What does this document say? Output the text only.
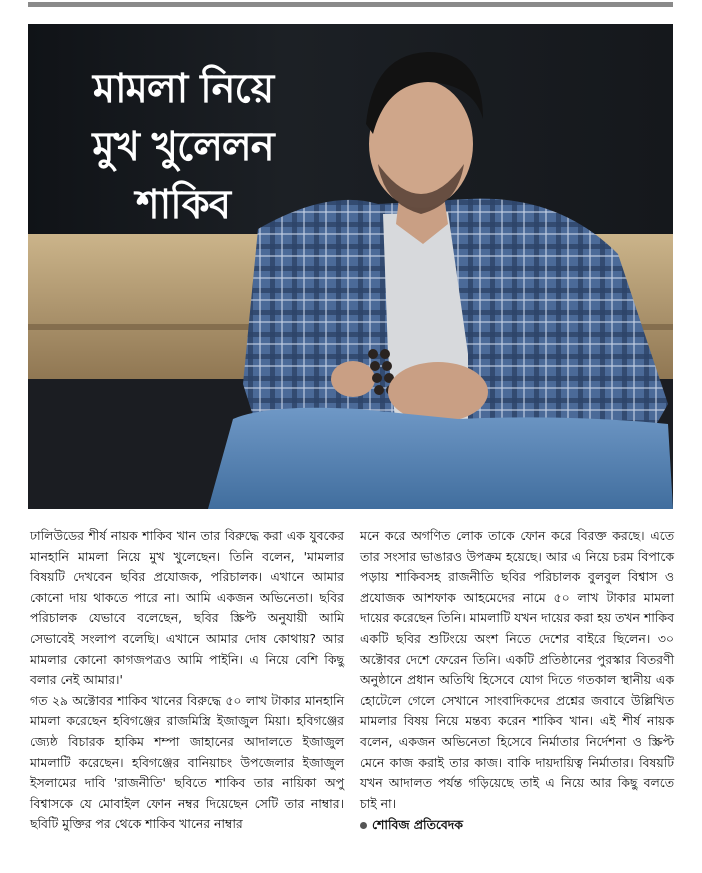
মামলা নিয়ে
মুখ খুলেলন
শাকিব

ঢালিউডের শীর্ষ নায়ক শাকিব খান তার বিরুদ্ধে করা এক যুবকের মানহানি মামলা নিয়ে মুখ খুলেছেন। তিনি বলেন, 'মামলার বিষয়টি দেখবেন ছবির প্রযোজক, পরিচালক। এখানে আমার কোনো দায় থাকতে পারে না। আমি একজন অভিনেতা। ছবির পরিচালক যেভাবে বলেছেন, ছবির স্ক্রিপ্ট অনুযায়ী আমি সেভাবেই সংলাপ বলেছি। এখানে আমার দোষ কোথায়? আর মামলার কোনো কাগজপত্রও আমি পাইনি। এ নিয়ে বেশি কিছু বলার নেই আমার।'

গত ২৯ অক্টোবর শাকিব খানের বিরুদ্ধে ৫০ লাখ টাকার মানহানি মামলা করেছেন হবিগঞ্জের রাজমিস্ত্রি ইজাজুল মিয়া। হবিগঞ্জের জ্যেষ্ঠ বিচারক হাকিম শম্পা জাহানের আদালতে ইজাজুল মামলাটি করেছেন। হবিগঞ্জের বানিয়াচং উপজেলার ইজাজুল ইসলামের দাবি 'রাজনীতি' ছবিতে শাকিব তার নায়িকা অপু বিশ্বাসকে যে মোবাইল ফোন নম্বর দিয়েছেন সেটি তার নাম্বার। ছবিটি মুক্তির পর থেকে শাকিব খানের নাম্বার

মনে করে অগণিত লোক তাকে ফোন করে বিরক্ত করছে। এতে তার সংসার ভাঙারও উপক্রম হয়েছে। আর এ নিয়ে চরম বিপাকে পড়ায় শাকিবসহ রাজনীতি ছবির পরিচালক বুলবুল বিশ্বাস ও প্রযোজক আশফাক আহমেদের নামে ৫০ লাখ টাকার মামলা দায়ের করেছেন তিনি। মামলাটি যখন দায়ের করা হয় তখন শাকিব একটি ছবির শুটিংয়ে অংশ নিতে দেশের বাইরে ছিলেন। ৩০ অক্টোবর দেশে ফেরেন তিনি। একটি প্রতিষ্ঠানের পুরস্কার বিতরণী অনুষ্ঠানে প্রধান অতিথি হিসেবে যোগ দিতে গতকাল স্থানীয় এক হোটেলে গেলে সেখানে সাংবাদিকদের প্রশ্নের জবাবে উল্লিখিত মামলার বিষয় নিয়ে মন্তব্য করেন শাকিব খান। এই শীর্ষ নায়ক বলেন, একজন অভিনেতা হিসেবে নির্মাতার নির্দেশনা ও স্ক্রিপ্ট মেনে কাজ করাই তার কাজ। বাকি দায়দায়িত্ব নির্মাতার। বিষয়টি যখন আদালত পর্যন্ত গড়িয়েছে তাই এ নিয়ে আর কিছু বলতে চাই না।

শোবিজ প্রতিবেদক
